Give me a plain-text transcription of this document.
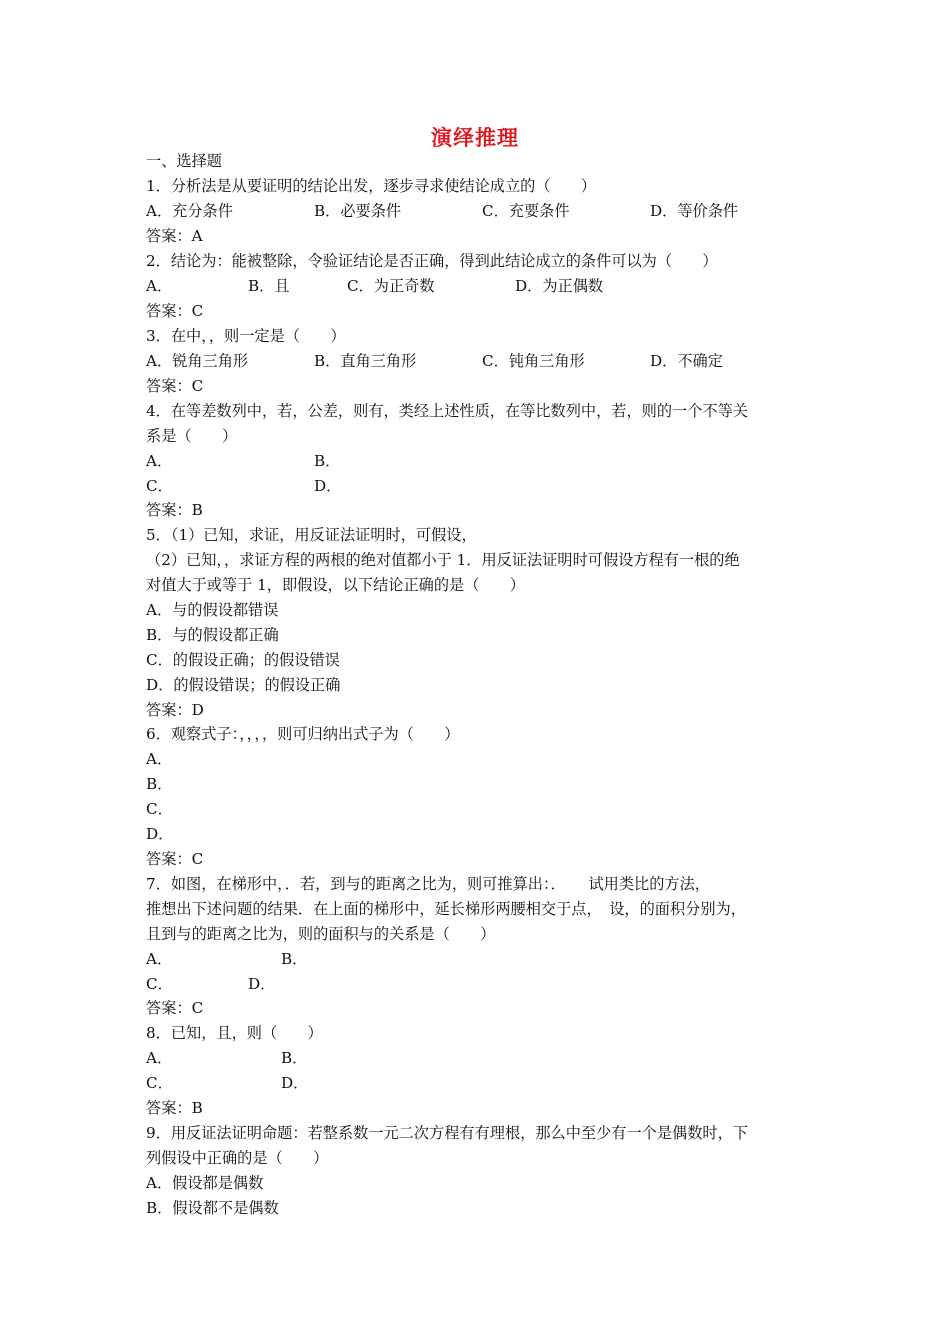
演绎推理
一、选择题
1．分析法是从要证明的结论出发，逐步寻求使结论成立的（　　）
A．充分条件	B．必要条件	C．充要条件	D．等价条件
答案：A
2．结论为：能被整除，令验证结论是否正确，得到此结论成立的条件可以为（　　）
A．	B．且	C．为正奇数	D．为正偶数
答案：C
3．在中，，则一定是（　　）
A．锐角三角形	B．直角三角形	C．钝角三角形	D．不确定
答案：C
4．在等差数列中，若，公差，则有，类经上述性质，在等比数列中，若，则的一个不等关
系是（　　）
A．	B．
C．	D．
答案：B
5．（1）已知，求证，用反证法证明时，可假设，
（2）已知，，求证方程的两根的绝对值都小于 1．用反证法证明时可假设方程有一根的绝
对值大于或等于 1，即假设，以下结论正确的是（　　）
A．与的假设都错误
B．与的假设都正确
C．的假设正确；的假设错误
D．的假设错误；的假设正确
答案：D
6．观察式子：，，，，则可归纳出式子为（　　）
A．
B．
C．
D．
答案：C
7．如图，在梯形中，．若，到与的距离之比为，则可推算出：．　　试用类比的方法，
推想出下述问题的结果．在上面的梯形中，延长梯形两腰相交于点，　设，的面积分别为，
且到与的距离之比为，则的面积与的关系是（　　）
A．	B．
C．	D．
答案：C
8．已知，且，则（　　）
A．	B．
C．	D．
答案：B
9．用反证法证明命题：若整系数一元二次方程有有理根，那么中至少有一个是偶数时，下
列假设中正确的是（　　）
A．假设都是偶数
B．假设都不是偶数
